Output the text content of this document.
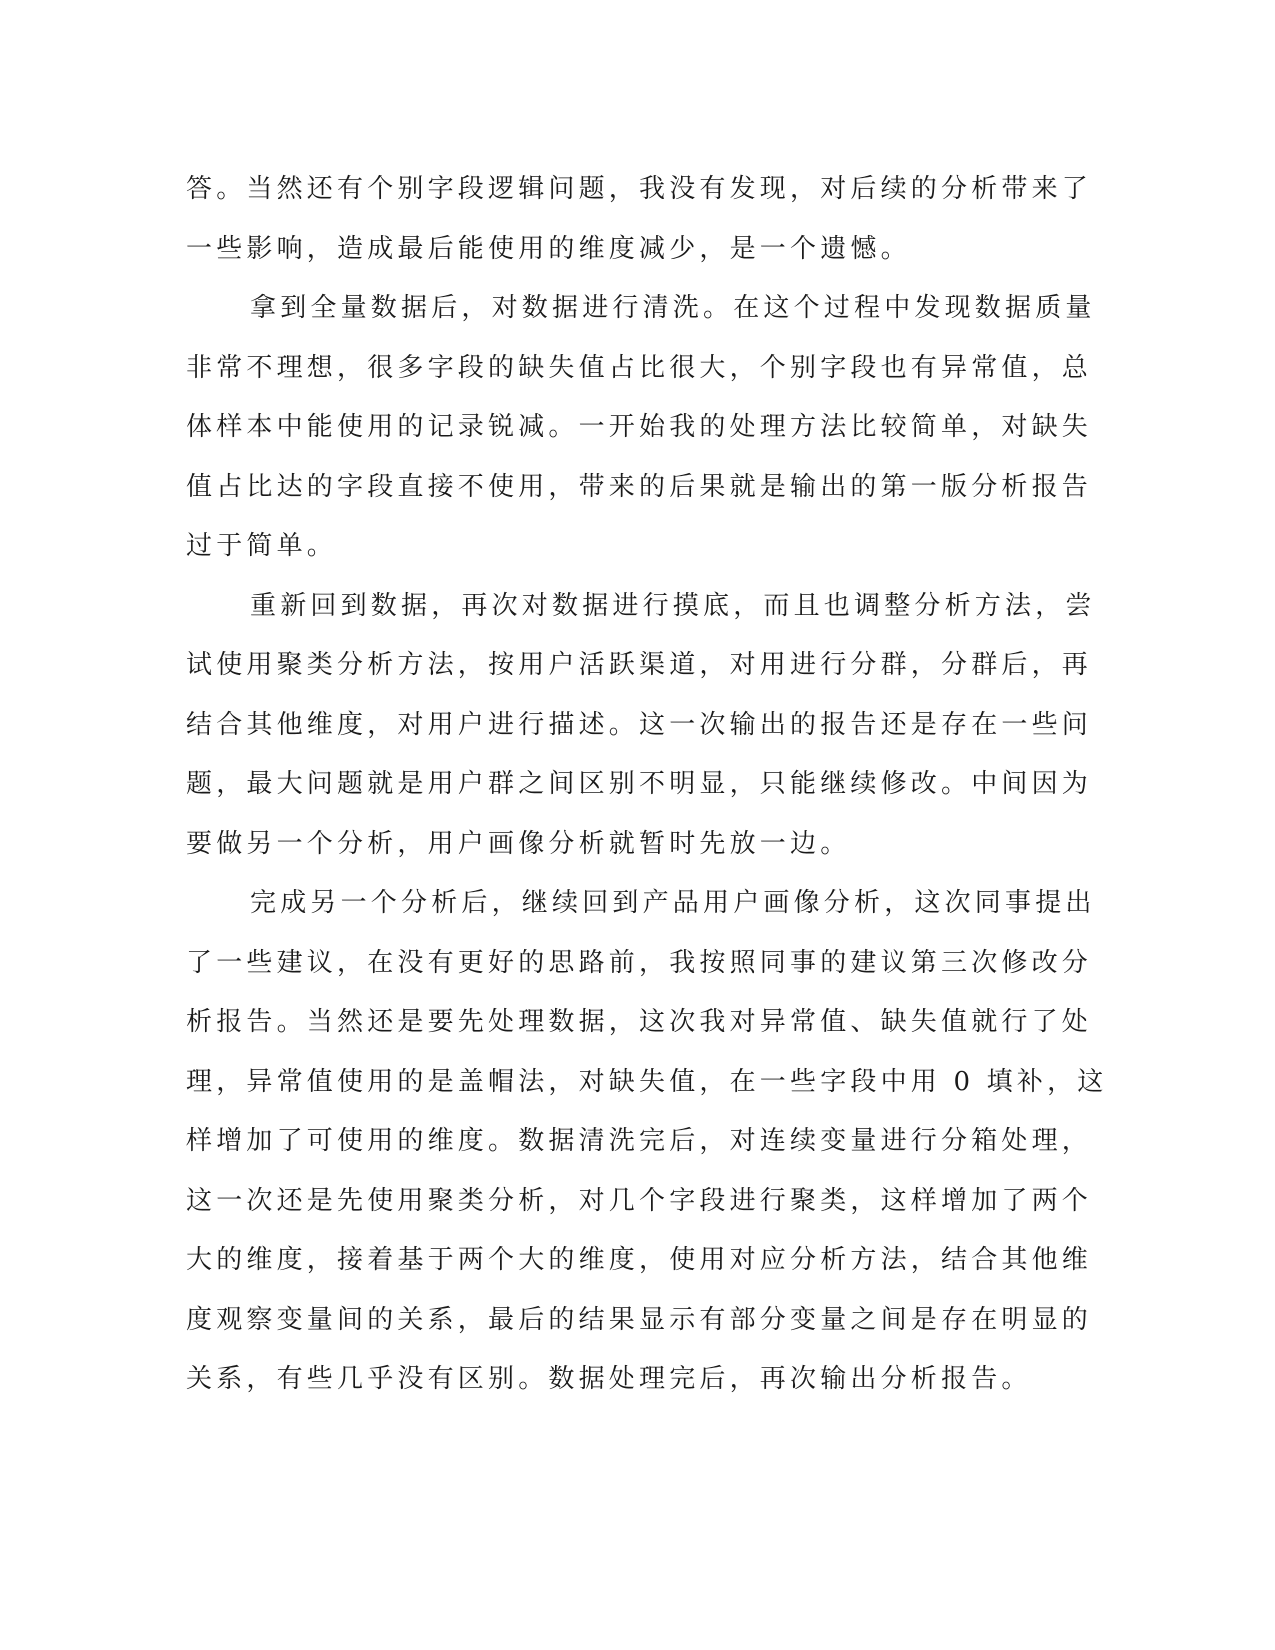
答。当然还有个别字段逻辑问题，我没有发现，对后续的分析带来了
一些影响，造成最后能使用的维度减少，是一个遗憾。
拿到全量数据后，对数据进行清洗。在这个过程中发现数据质量
非常不理想，很多字段的缺失值占比很大，个别字段也有异常值，总
体样本中能使用的记录锐减。一开始我的处理方法比较简单，对缺失
值占比达的字段直接不使用，带来的后果就是输出的第一版分析报告
过于简单。
重新回到数据，再次对数据进行摸底，而且也调整分析方法，尝
试使用聚类分析方法，按用户活跃渠道，对用进行分群，分群后，再
结合其他维度，对用户进行描述。这一次输出的报告还是存在一些问
题，最大问题就是用户群之间区别不明显，只能继续修改。中间因为
要做另一个分析，用户画像分析就暂时先放一边。
完成另一个分析后，继续回到产品用户画像分析，这次同事提出
了一些建议，在没有更好的思路前，我按照同事的建议第三次修改分
析报告。当然还是要先处理数据，这次我对异常值、缺失值就行了处
理，异常值使用的是盖帽法，对缺失值，在一些字段中用 0 填补，这
样增加了可使用的维度。数据清洗完后，对连续变量进行分箱处理，
这一次还是先使用聚类分析，对几个字段进行聚类，这样增加了两个
大的维度，接着基于两个大的维度，使用对应分析方法，结合其他维
度观察变量间的关系，最后的结果显示有部分变量之间是存在明显的
关系，有些几乎没有区别。数据处理完后，再次输出分析报告。
